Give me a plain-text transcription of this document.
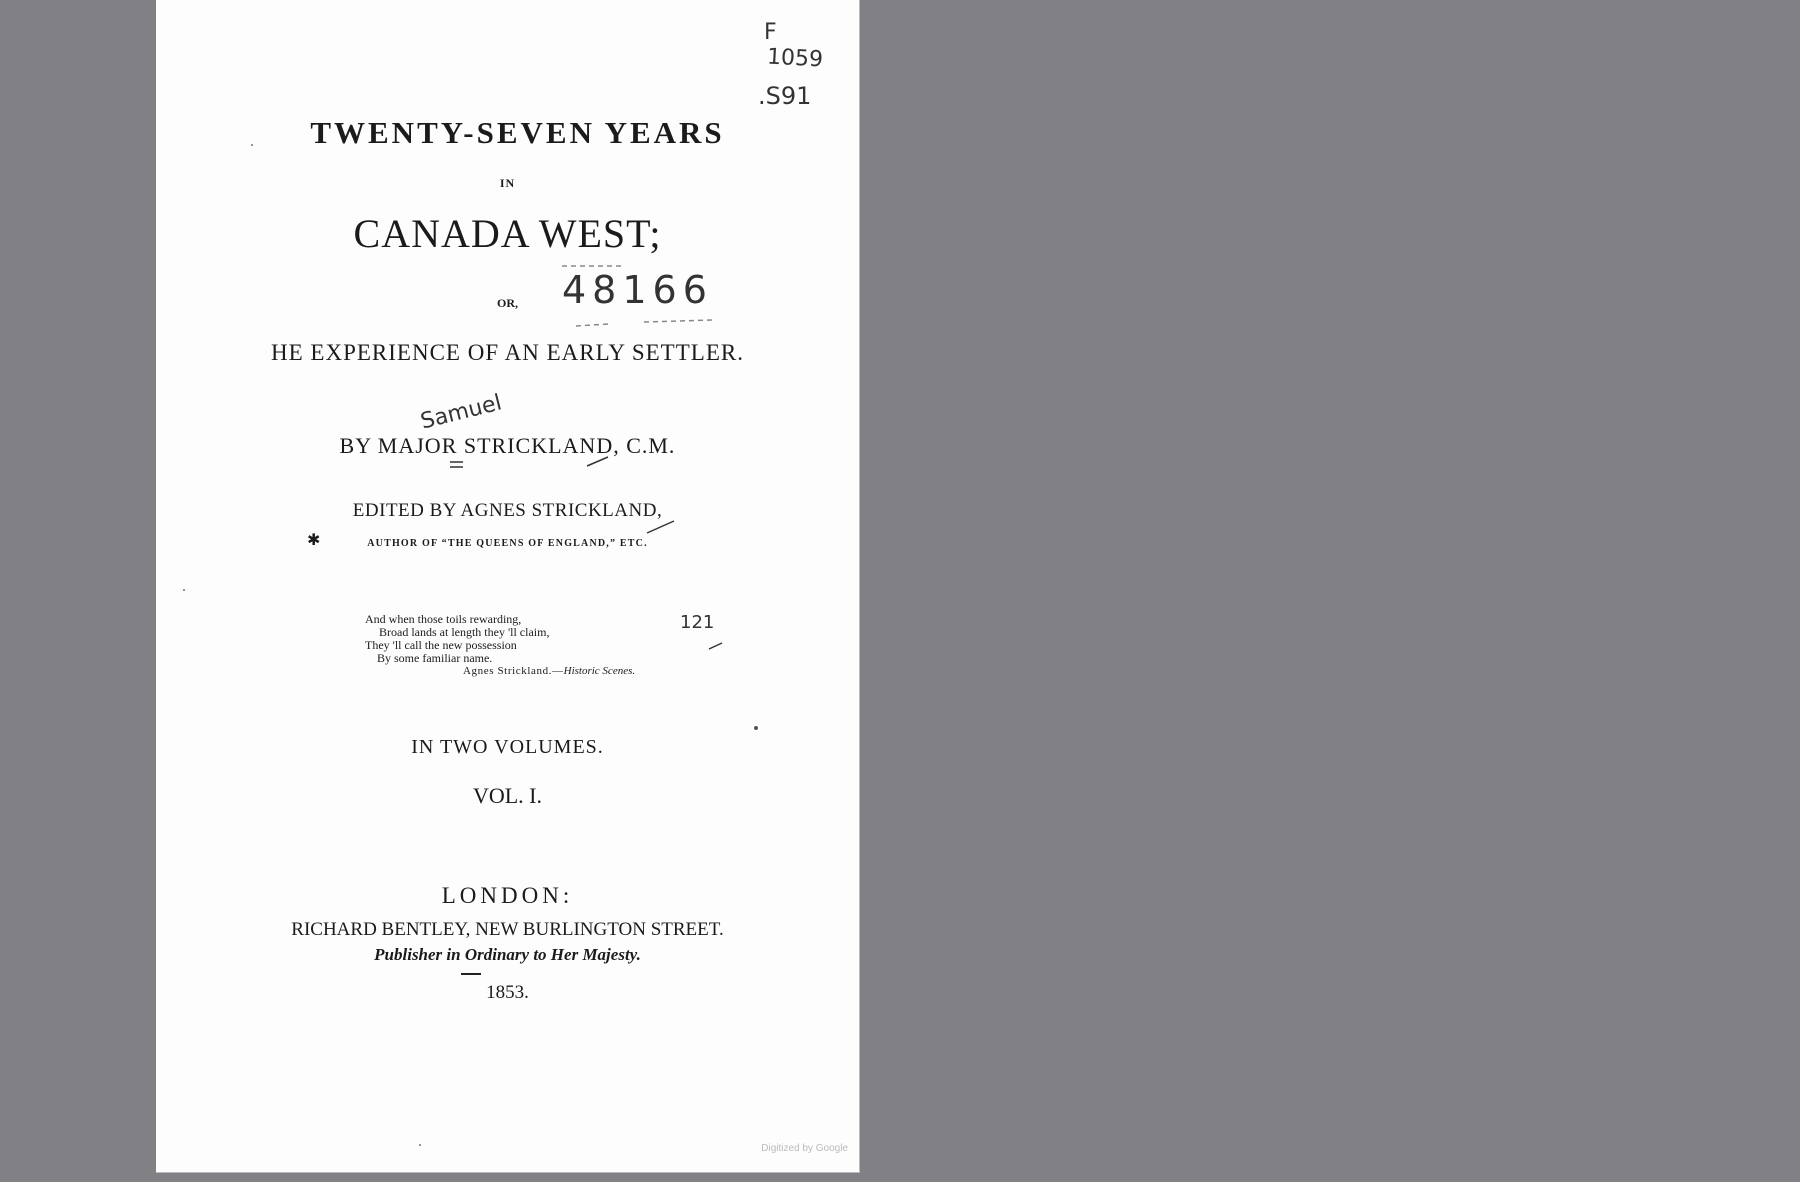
TWENTY-SEVEN YEARS
IN
CANADA WEST;
OR,
HE EXPERIENCE OF AN EARLY SETTLER.
BY MAJOR STRICKLAND, C.M.
EDITED BY AGNES STRICKLAND,
✱	AUTHOR OF “THE QUEENS OF ENGLAND,” ETC.
And when those toils rewarding,
Broad lands at length they 'll claim,
They 'll call the new possession
By some familiar name.
Agnes Strickland.—Historic Scenes.
IN TWO VOLUMES.
VOL. I.
LONDON:
RICHARD BENTLEY, NEW BURLINGTON STREET.
Publisher in Ordinary to Her Majesty.
1853.
F
1059
.S91
48166
Samuel
121
Digitized by Google
